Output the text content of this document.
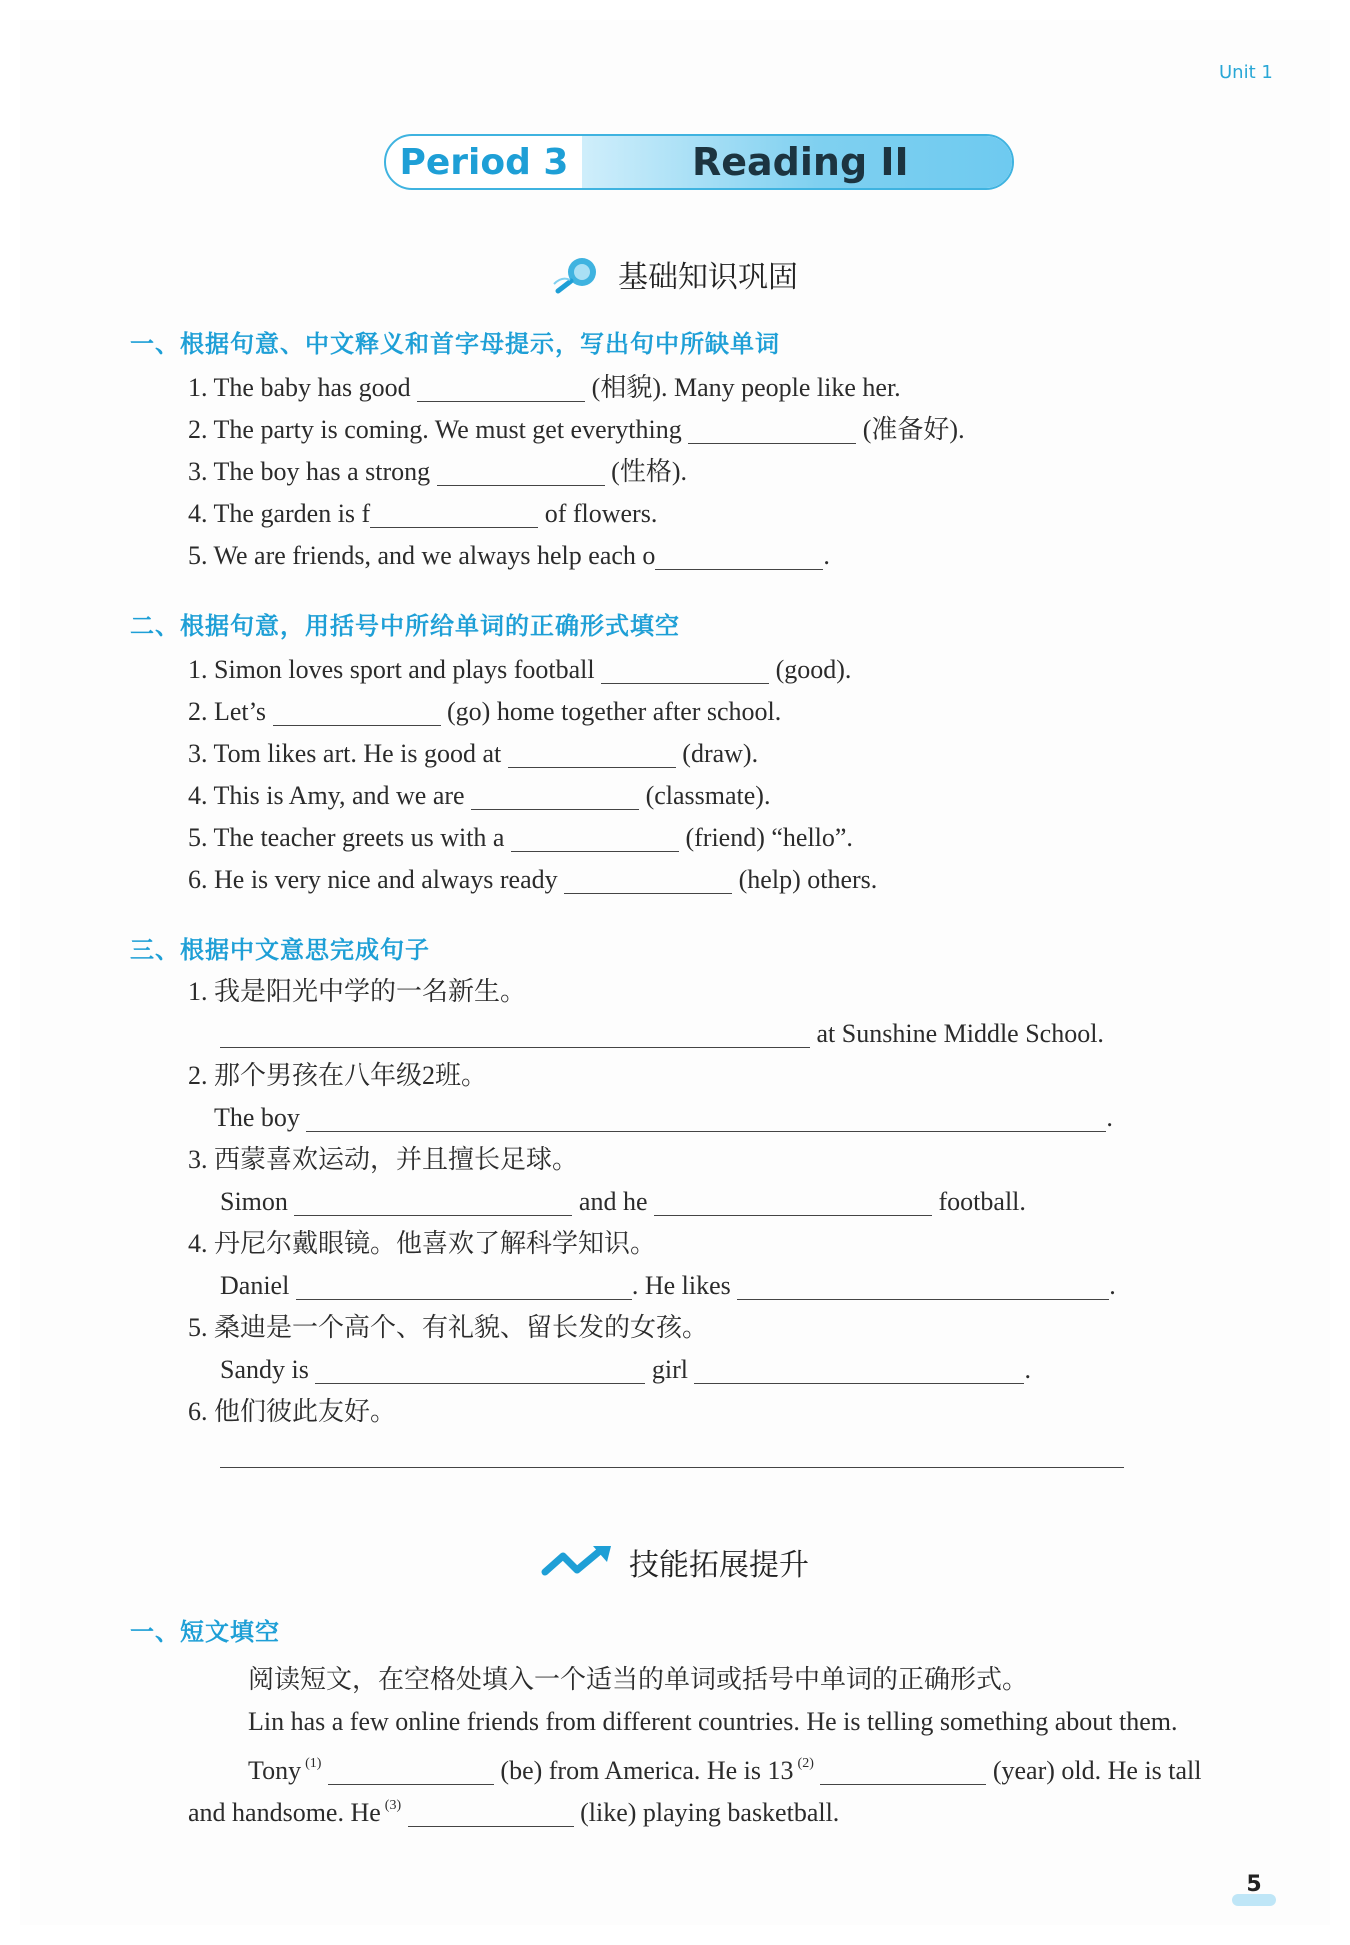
Unit 1
Period 3	Reading II
基础知识巩固
一、根据句意、中文释义和首字母提示，写出句中所缺单词
1. The baby has good	(相貌). Many people like her.
2. The party is coming. We must get everything	(准备好).
3. The boy has a strong	(性格).
4. The garden is f	of flowers.
5. We are friends, and we always help each o	.
二、根据句意，用括号中所给单词的正确形式填空
1. Simon loves sport and plays football	(good).
2. Let’s	(go) home together after school.
3. Tom likes art. He is good at	(draw).
4. This is Amy, and we are	(classmate).
5. The teacher greets us with a	(friend) “hello”.
6. He is very nice and always ready	(help) others.
三、根据中文意思完成句子
1. 我是阳光中学的一名新生。
at Sunshine Middle School.
2. 那个男孩在八年级2班。
The boy	.
3. 西蒙喜欢运动，并且擅长足球。
Simon	and he	football.
4. 丹尼尔戴眼镜。他喜欢了解科学知识。
Daniel	. He likes	.
5. 桑迪是一个高个、有礼貌、留长发的女孩。
Sandy is	girl	.
6. 他们彼此友好。
技能拓展提升
一、短文填空
阅读短文，在空格处填入一个适当的单词或括号中单词的正确形式。
Lin has a few online friends from different countries. He is telling something about them.
Tony $^{(1)}$	(be) from America. He is 13 $^{(2)}$	(year) old. He is tall
and handsome. He $^{(3)}$	(like) playing basketball.
5
